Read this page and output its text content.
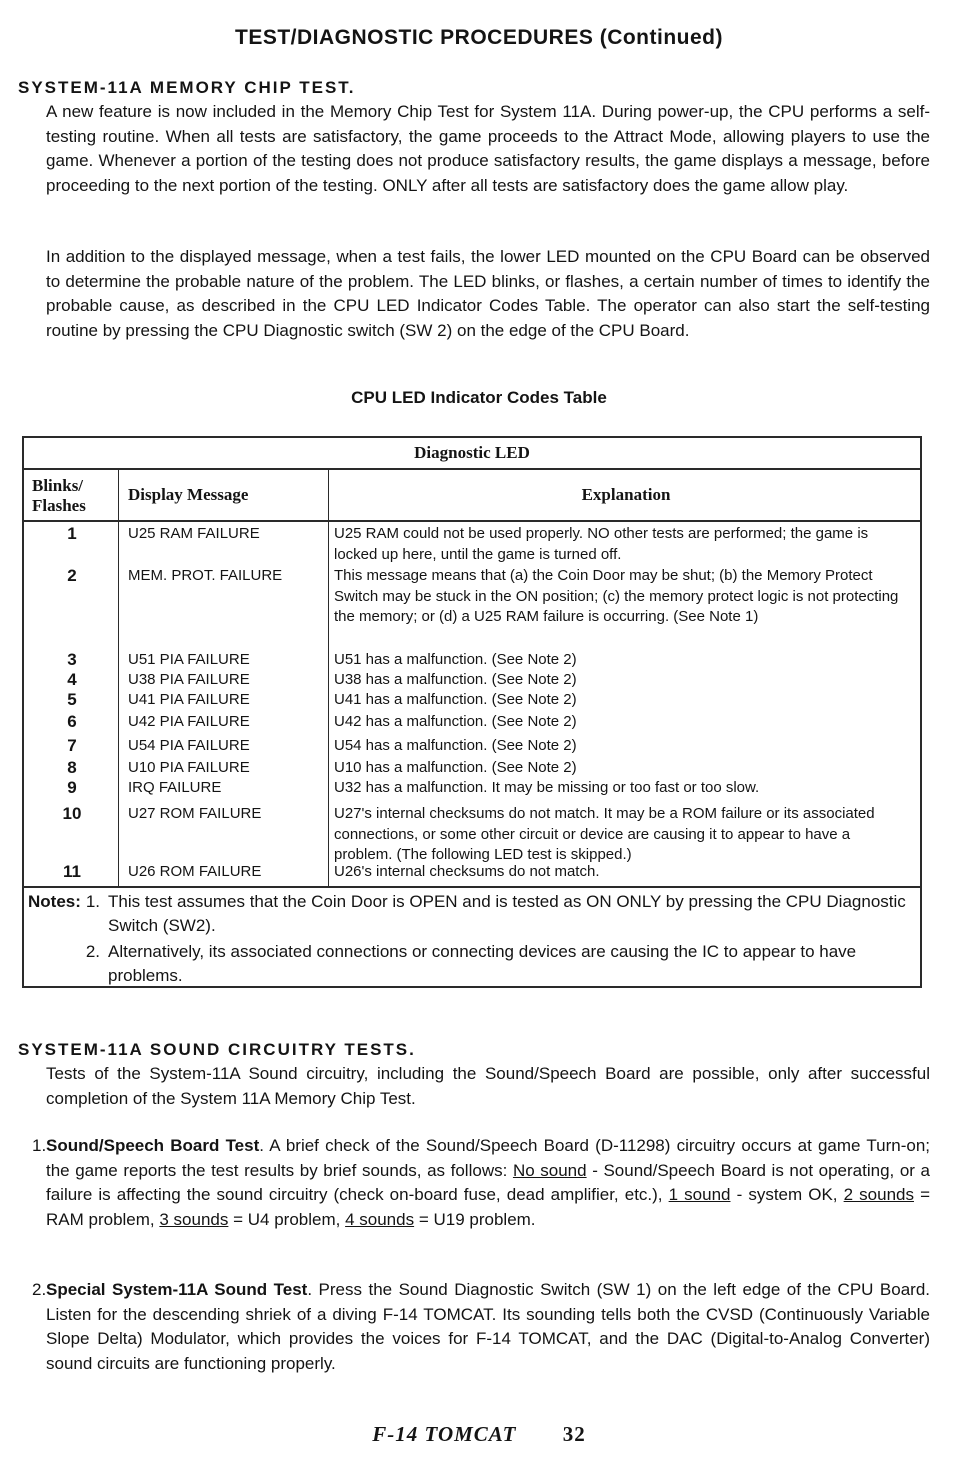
TEST/DIAGNOSTIC PROCEDURES (Continued)
SYSTEM-11A MEMORY CHIP TEST.
A new feature is now included in the Memory Chip Test for System 11A. During power-up, the CPU performs a self-testing routine. When all tests are satisfactory, the game proceeds to the Attract Mode, allowing players to use the game. Whenever a portion of the testing does not produce satisfactory results, the game displays a message, before proceeding to the next portion of the testing. ONLY after all tests are satisfactory does the game allow play.
In addition to the displayed message, when a test fails, the lower LED mounted on the CPU Board can be observed to determine the probable nature of the problem. The LED blinks, or flashes, a certain number of times to identify the probable cause, as described in the CPU LED Indicator Codes Table. The operator can also start the self-testing routine by pressing the CPU Diagnostic switch (SW 2) on the edge of the CPU Board.
CPU LED Indicator Codes Table
Diagnostic LED
Blinks/
Flashes
Display Message	Explanation
1	U25 RAM FAILURE	U25 RAM could not be used properly. NO other tests are performed; the game is locked up here, until the game is turned off.
2	MEM. PROT. FAILURE	This message means that (a) the Coin Door may be shut; (b) the Memory Protect Switch may be stuck in the ON position; (c) the memory protect logic is not protecting the memory; or (d) a U25 RAM failure is occurring. (See Note 1)
3	U51 PIA FAILURE	U51 has a malfunction. (See Note 2)
4	U38 PIA FAILURE	U38 has a malfunction. (See Note 2)
5	U41 PIA FAILURE	U41 has a malfunction. (See Note 2)
6	U42 PIA FAILURE	U42 has a malfunction. (See Note 2)
7	U54 PIA FAILURE	U54 has a malfunction. (See Note 2)
8	U10 PIA FAILURE	U10 has a malfunction. (See Note 2)
9	IRQ FAILURE	U32 has a malfunction. It may be missing or too fast or too slow.
10	U27 ROM FAILURE	U27's internal checksums do not match. It may be a ROM failure or its associated connections, or some other circuit or device are causing it to appear to have a problem. (The following LED test is skipped.)
11	U26 ROM FAILURE	U26's internal checksums do not match.
Notes: 1. This test assumes that the Coin Door is OPEN and is tested as ON ONLY by pressing the CPU Diagnostic Switch (SW2).
2. Alternatively, its associated connections or connecting devices are causing the IC to appear to have problems.
SYSTEM-11A SOUND CIRCUITRY TESTS.
Tests of the System-11A Sound circuitry, including the Sound/Speech Board are possible, only after successful completion of the System 11A Memory Chip Test.
1. Sound/Speech Board Test. A brief check of the Sound/Speech Board (D-11298) circuitry occurs at game Turn-on; the game reports the test results by brief sounds, as follows: No sound - Sound/Speech Board is not operating, or a failure is affecting the sound circuitry (check on-board fuse, dead amplifier, etc.), 1 sound - system OK, 2 sounds = RAM problem, 3 sounds = U4 problem, 4 sounds = U19 problem.
2. Special System-11A Sound Test. Press the Sound Diagnostic Switch (SW 1) on the left edge of the CPU Board. Listen for the descending shriek of a diving F-14 TOMCAT. Its sounding tells both the CVSD (Continuously Variable Slope Delta) Modulator, which provides the voices for F-14 TOMCAT, and the DAC (Digital-to-Analog Converter) sound circuits are functioning properly.
F-14 TOMCAT 32
